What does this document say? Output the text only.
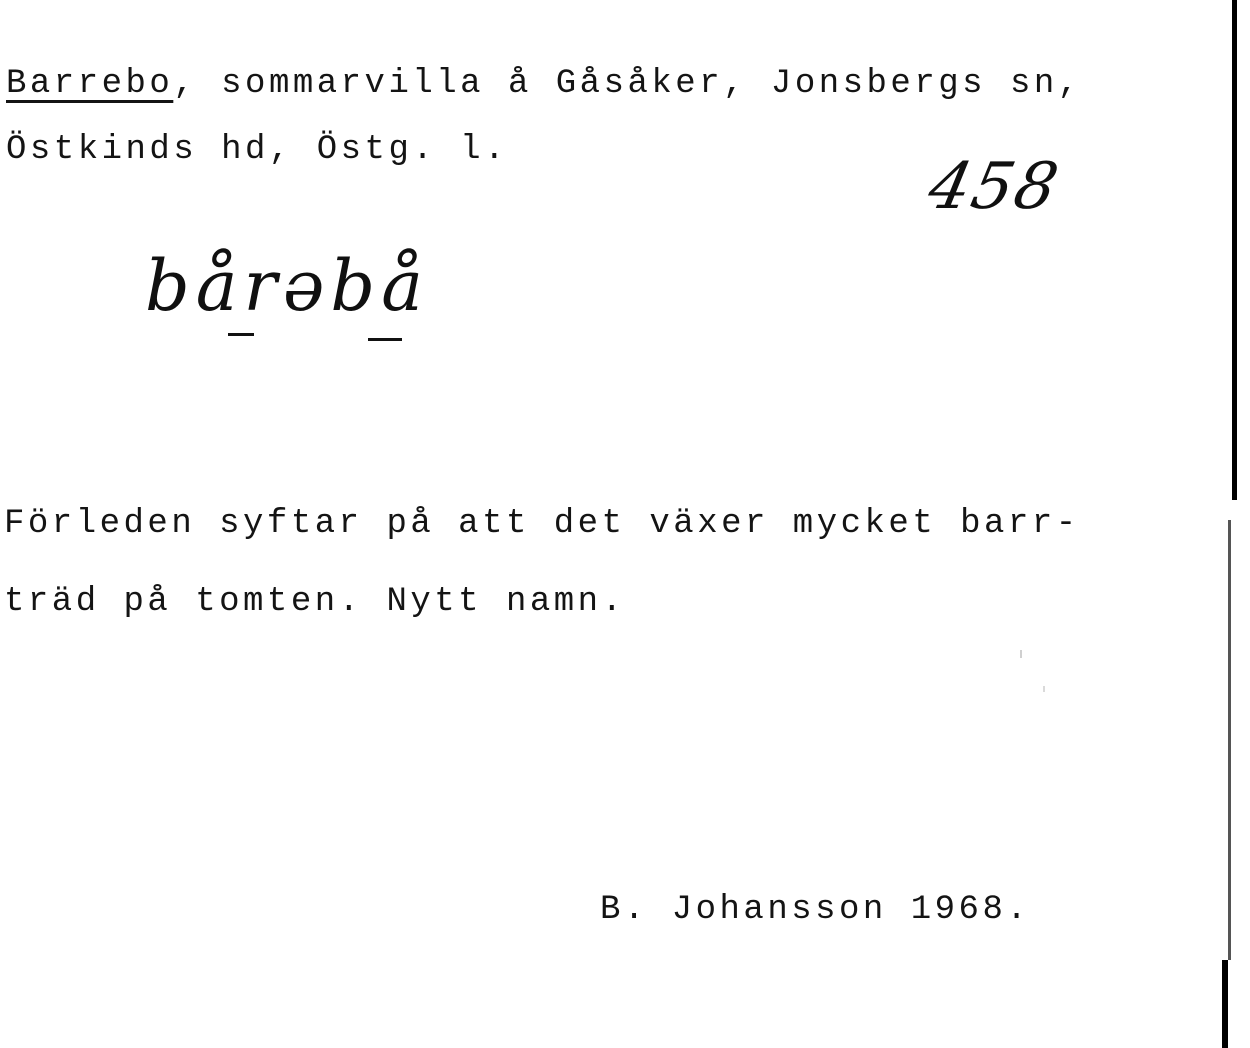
Barrebo, sommarvilla å Gåsåker, Jonsbergs sn,
Östkinds hd, Östg. l.	458
bårəbå
Förleden syftar på att det växer mycket barr-
träd på tomten. Nytt namn.
B. Johansson 1968.
